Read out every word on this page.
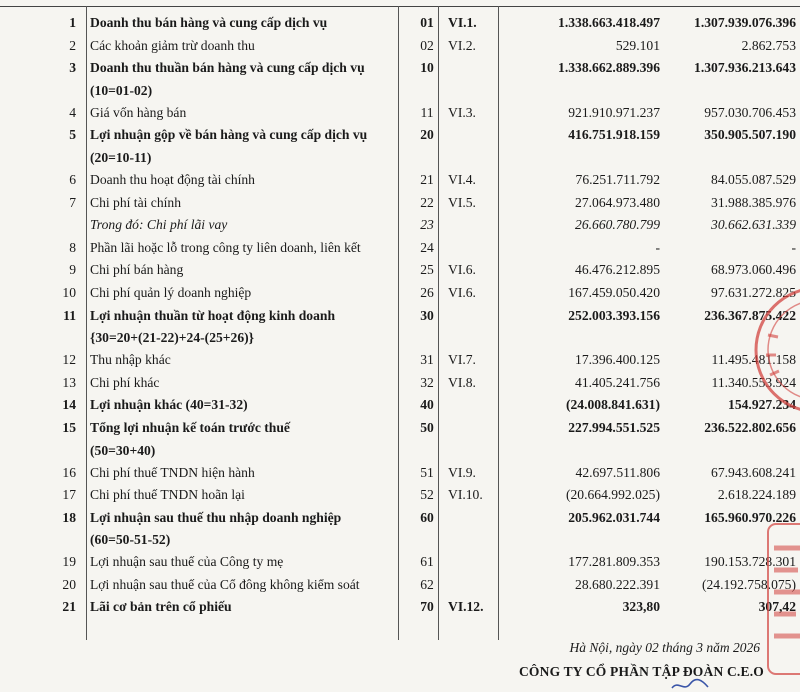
1	Doanh thu bán hàng và cung cấp dịch vụ	01	VI.1.	1.338.663.418.497	1.307.939.076.396
2	Các khoản giảm trừ doanh thu	02	VI.2.	529.101	2.862.753
3	Doanh thu thuần bán hàng và cung cấp dịch vụ	10		1.338.662.889.396	1.307.936.213.643
	(10=01-02)				
4	Giá vốn hàng bán	11	VI.3.	921.910.971.237	957.030.706.453
5	Lợi nhuận gộp về bán hàng và cung cấp dịch vụ	20		416.751.918.159	350.905.507.190
	(20=10-11)				
6	Doanh thu hoạt động tài chính	21	VI.4.	76.251.711.792	84.055.087.529
7	Chi phí tài chính	22	VI.5.	27.064.973.480	31.988.385.976
	Trong đó: Chi phí lãi vay	23		26.660.780.799	30.662.631.339
8	Phần lãi hoặc lỗ trong công ty liên doanh, liên kết	24		-	-
9	Chi phí bán hàng	25	VI.6.	46.476.212.895	68.973.060.496
10	Chi phí quản lý doanh nghiệp	26	VI.6.	167.459.050.420	97.631.272.825
11	Lợi nhuận thuần từ hoạt động kinh doanh	30		252.003.393.156	236.367.875.422
	{30=20+(21-22)+24-(25+26)}				
12	Thu nhập khác	31	VI.7.	17.396.400.125	11.495.481.158
13	Chi phí khác	32	VI.8.	41.405.241.756	11.340.553.924
14	Lợi nhuận khác (40=31-32)	40		(24.008.841.631)	154.927.234
15	Tổng lợi nhuận kế toán trước thuế	50		227.994.551.525	236.522.802.656
	(50=30+40)				
16	Chi phí thuế TNDN hiện hành	51	VI.9.	42.697.511.806	67.943.608.241
17	Chi phí thuế TNDN hoãn lại	52	VI.10.	(20.664.992.025)	2.618.224.189
18	Lợi nhuận sau thuế thu nhập doanh nghiệp	60		205.962.031.744	165.960.970.226
	(60=50-51-52)				
19	Lợi nhuận sau thuế của Công ty mẹ	61		177.281.809.353	190.153.728.301
20	Lợi nhuận sau thuế của Cổ đông không kiểm soát	62		28.680.222.391	(24.192.758.075)
21	Lãi cơ bản trên cổ phiếu	70	VI.12.	323,80	307,42
Hà Nội, ngày 02 tháng 3 năm 2026
CÔNG TY CỔ PHẦN TẬP ĐOÀN C.E.O
